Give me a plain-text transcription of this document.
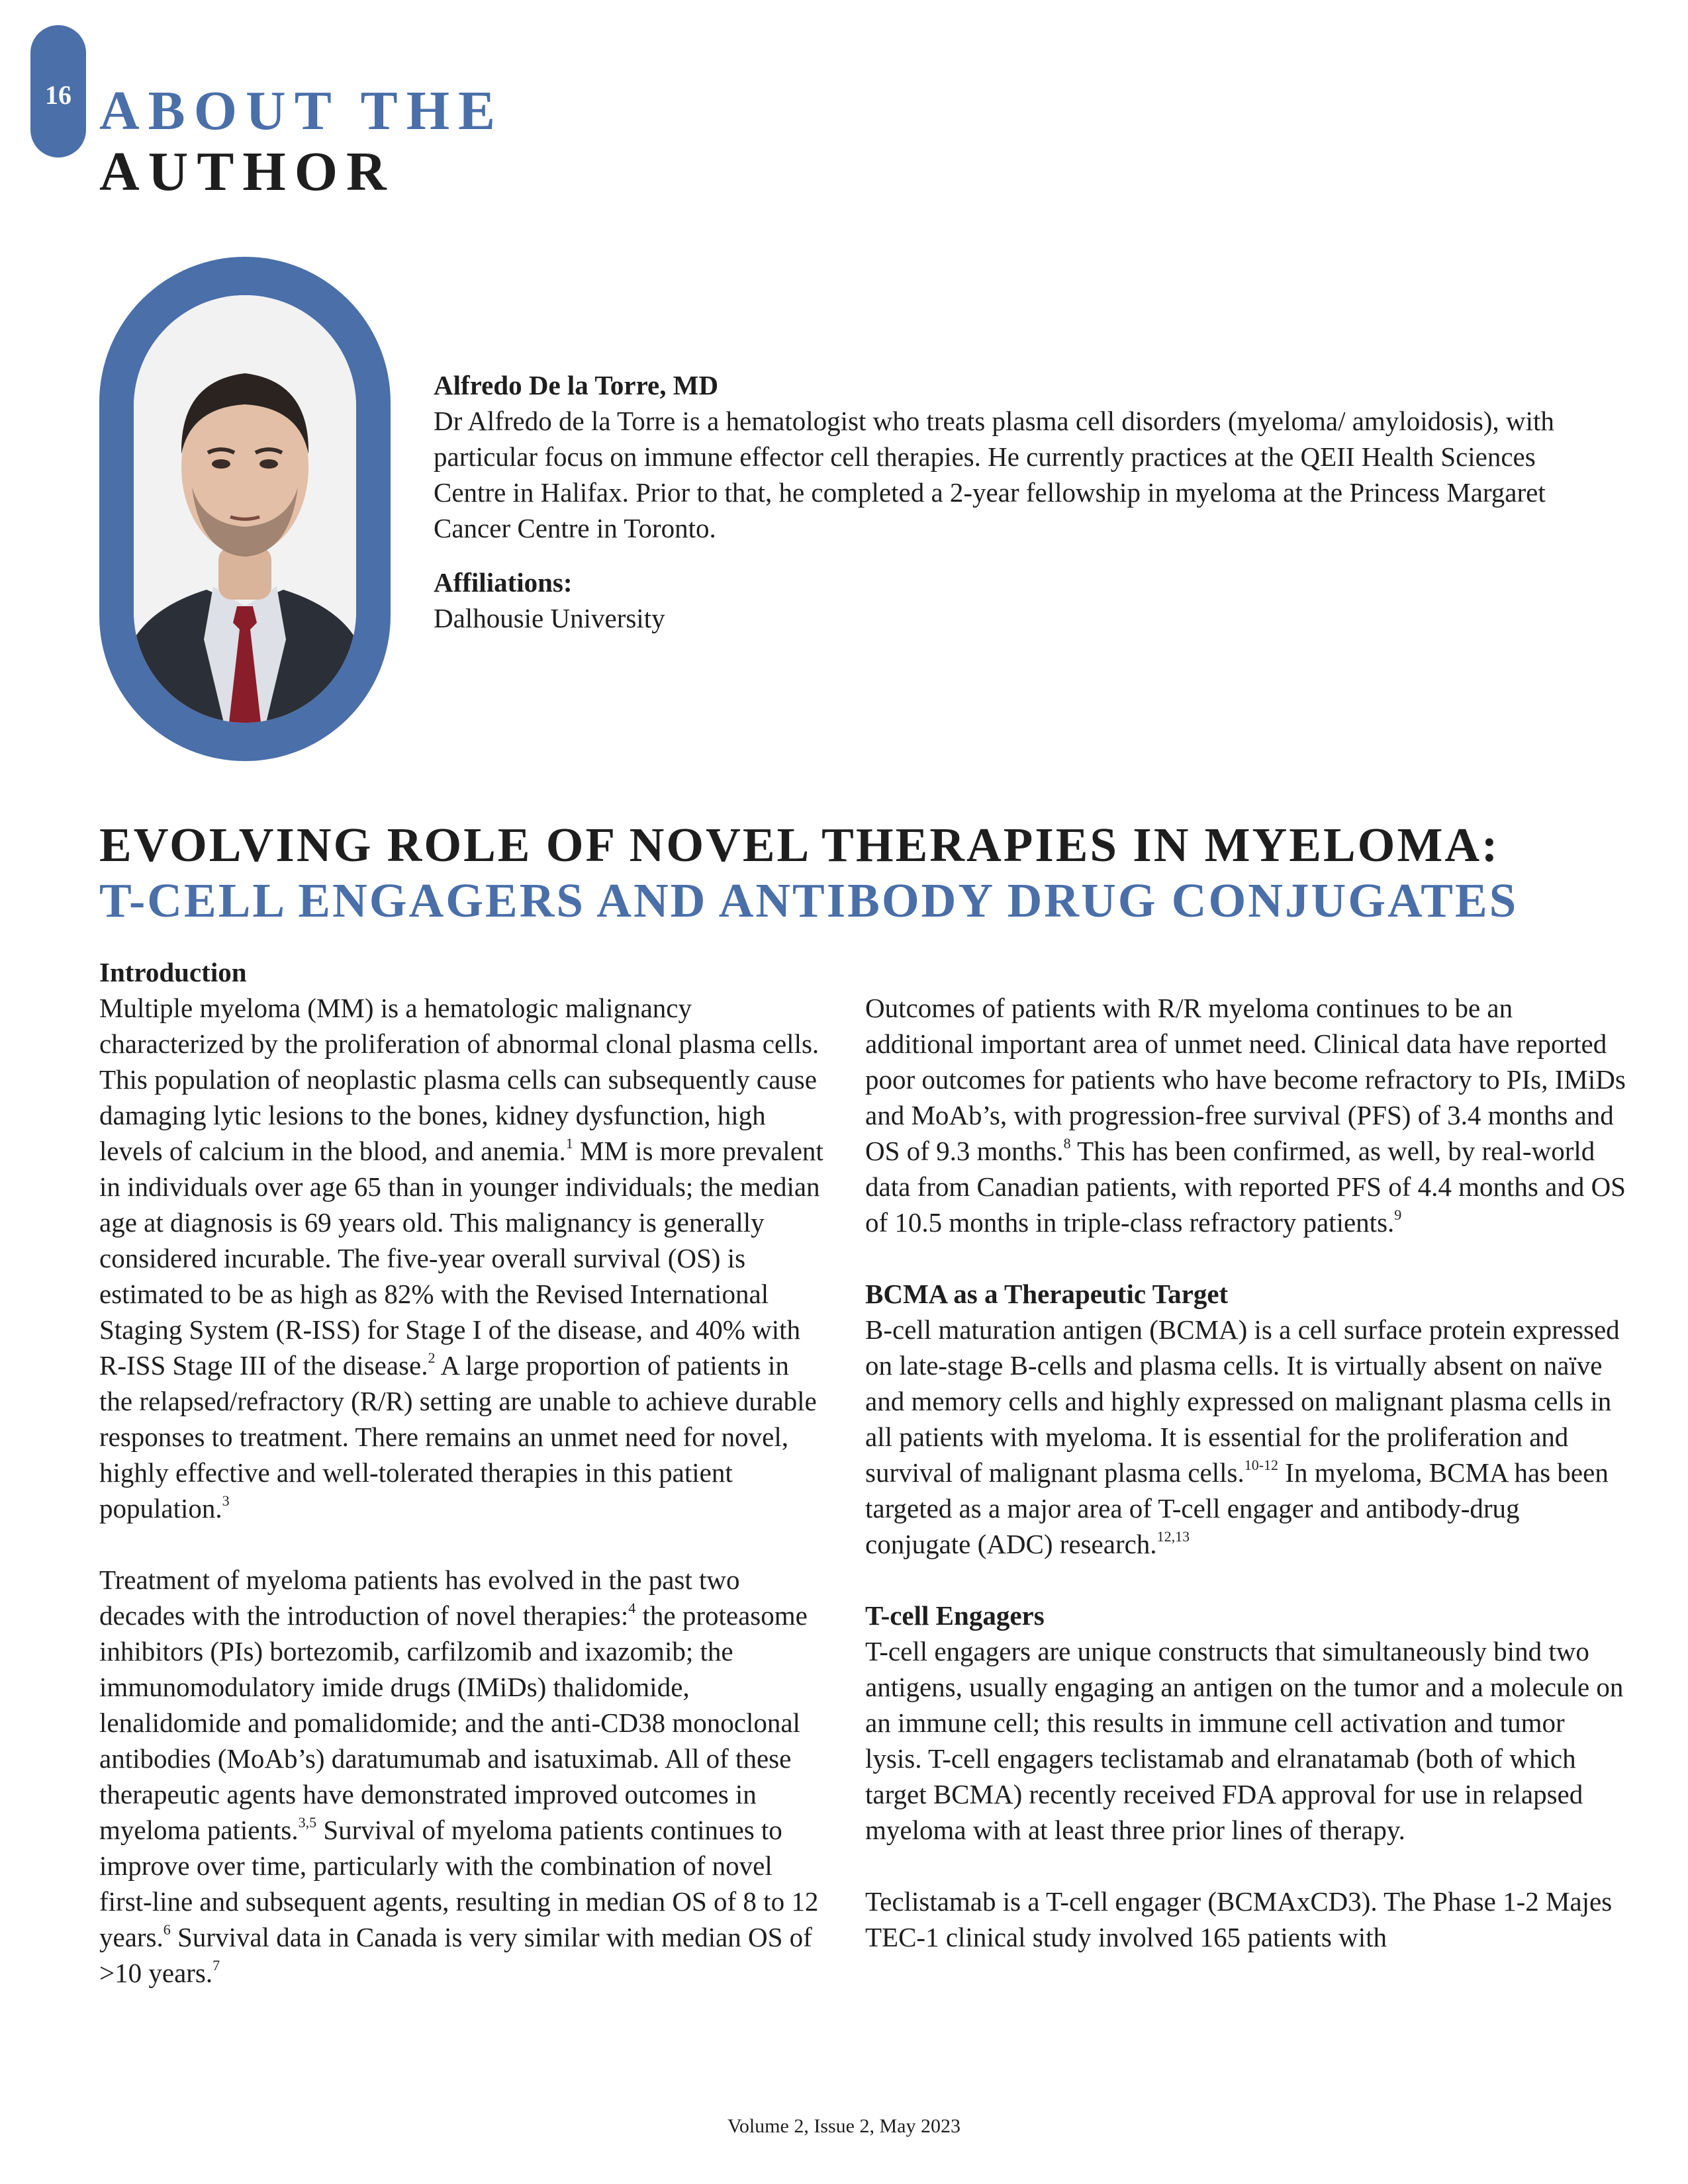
16 ABOUT THE
AUTHOR
Alfredo De la Torre, MD

Dr Alfredo de la Torre is a hematologist who treats plasma cell disorders (myeloma/ amyloidosis), with particular focus on immune effector cell therapies. He currently practices at the QEII Health Sciences Centre in Halifax. Prior to that, he completed a 2-year fellowship in myeloma at the Princess Margaret Cancer Centre in Toronto.

Affiliations:

Dalhousie University

EVOLVING ROLE OF NOVEL THERAPIES IN MYELOMA:
T-CELL ENGAGERS AND ANTIBODY DRUG CONJUGATES
Introduction

Multiple myeloma (MM) is a hematologic malignancy characterized by the proliferation of abnormal clonal plasma cells. This population of neoplastic plasma cells can subsequently cause damaging lytic lesions to the bones, kidney dysfunction, high levels of calcium in the blood, and anemia.$^1$ MM is more prevalent in individuals over age 65 than in younger individuals; the median age at diagnosis is 69 years old. This malignancy is generally considered incurable. The five-year overall survival (OS) is estimated to be as high as 82% with the Revised International Staging System (R-ISS) for Stage I of the disease, and 40% with R-ISS Stage III of the disease.$^2$ A large proportion of patients in the relapsed/refractory (R/R) setting are unable to achieve durable responses to treatment. There remains an unmet need for novel, highly effective and well-tolerated therapies in this patient population.$^3$

Treatment of myeloma patients has evolved in the past two decades with the introduction of novel therapies:$^4$ the proteasome inhibitors (PIs) bortezomib, carfilzomib and ixazomib; the immunomodulatory imide drugs (IMiDs) thalidomide, lenalidomide and pomalidomide; and the anti-CD38 monoclonal antibodies (MoAb’s) daratumumab and isatuximab. All of these therapeutic agents have demonstrated improved outcomes in myeloma patients.$^{3,5}$ Survival of myeloma patients continues to improve over time, particularly with the combination of novel first-line and subsequent agents, resulting in median OS of 8 to 12 years.$^6$ Survival data in Canada is very similar with median OS of >10 years.$^7$

Outcomes of patients with R/R myeloma continues to be an additional important area of unmet need. Clinical data have reported poor outcomes for patients who have become refractory to PIs, IMiDs and MoAb’s, with progression-free survival (PFS) of 3.4 months and OS of 9.3 months.$^8$ This has been confirmed, as well, by real-world data from Canadian patients, with reported PFS of 4.4 months and OS of 10.5 months in triple-class refractory patients.$^9$

BCMA as a Therapeutic Target
B-cell maturation antigen (BCMA) is a cell surface protein expressed on late-stage B-cells and plasma cells. It is virtually absent on naïve and memory cells and highly expressed on malignant plasma cells in all patients with myeloma. It is essential for the proliferation and survival of malignant plasma cells.$^{10-12}$ In myeloma, BCMA has been targeted as a major area of T-cell engager and antibody-drug conjugate (ADC) research.$^{12,13}$

T-cell Engagers
T-cell engagers are unique constructs that simultaneously bind two antigens, usually engaging an antigen on the tumor and a molecule on an immune cell; this results in immune cell activation and tumor lysis. T-cell engagers teclistamab and elranatamab (both of which target BCMA) recently received FDA approval for use in relapsed myeloma with at least three prior lines of therapy.

Teclistamab is a T-cell engager (BCMAxCD3). The Phase 1-2 Majes TEC-1 clinical study involved 165 patients with

Volume 2, Issue 2, May 2023
